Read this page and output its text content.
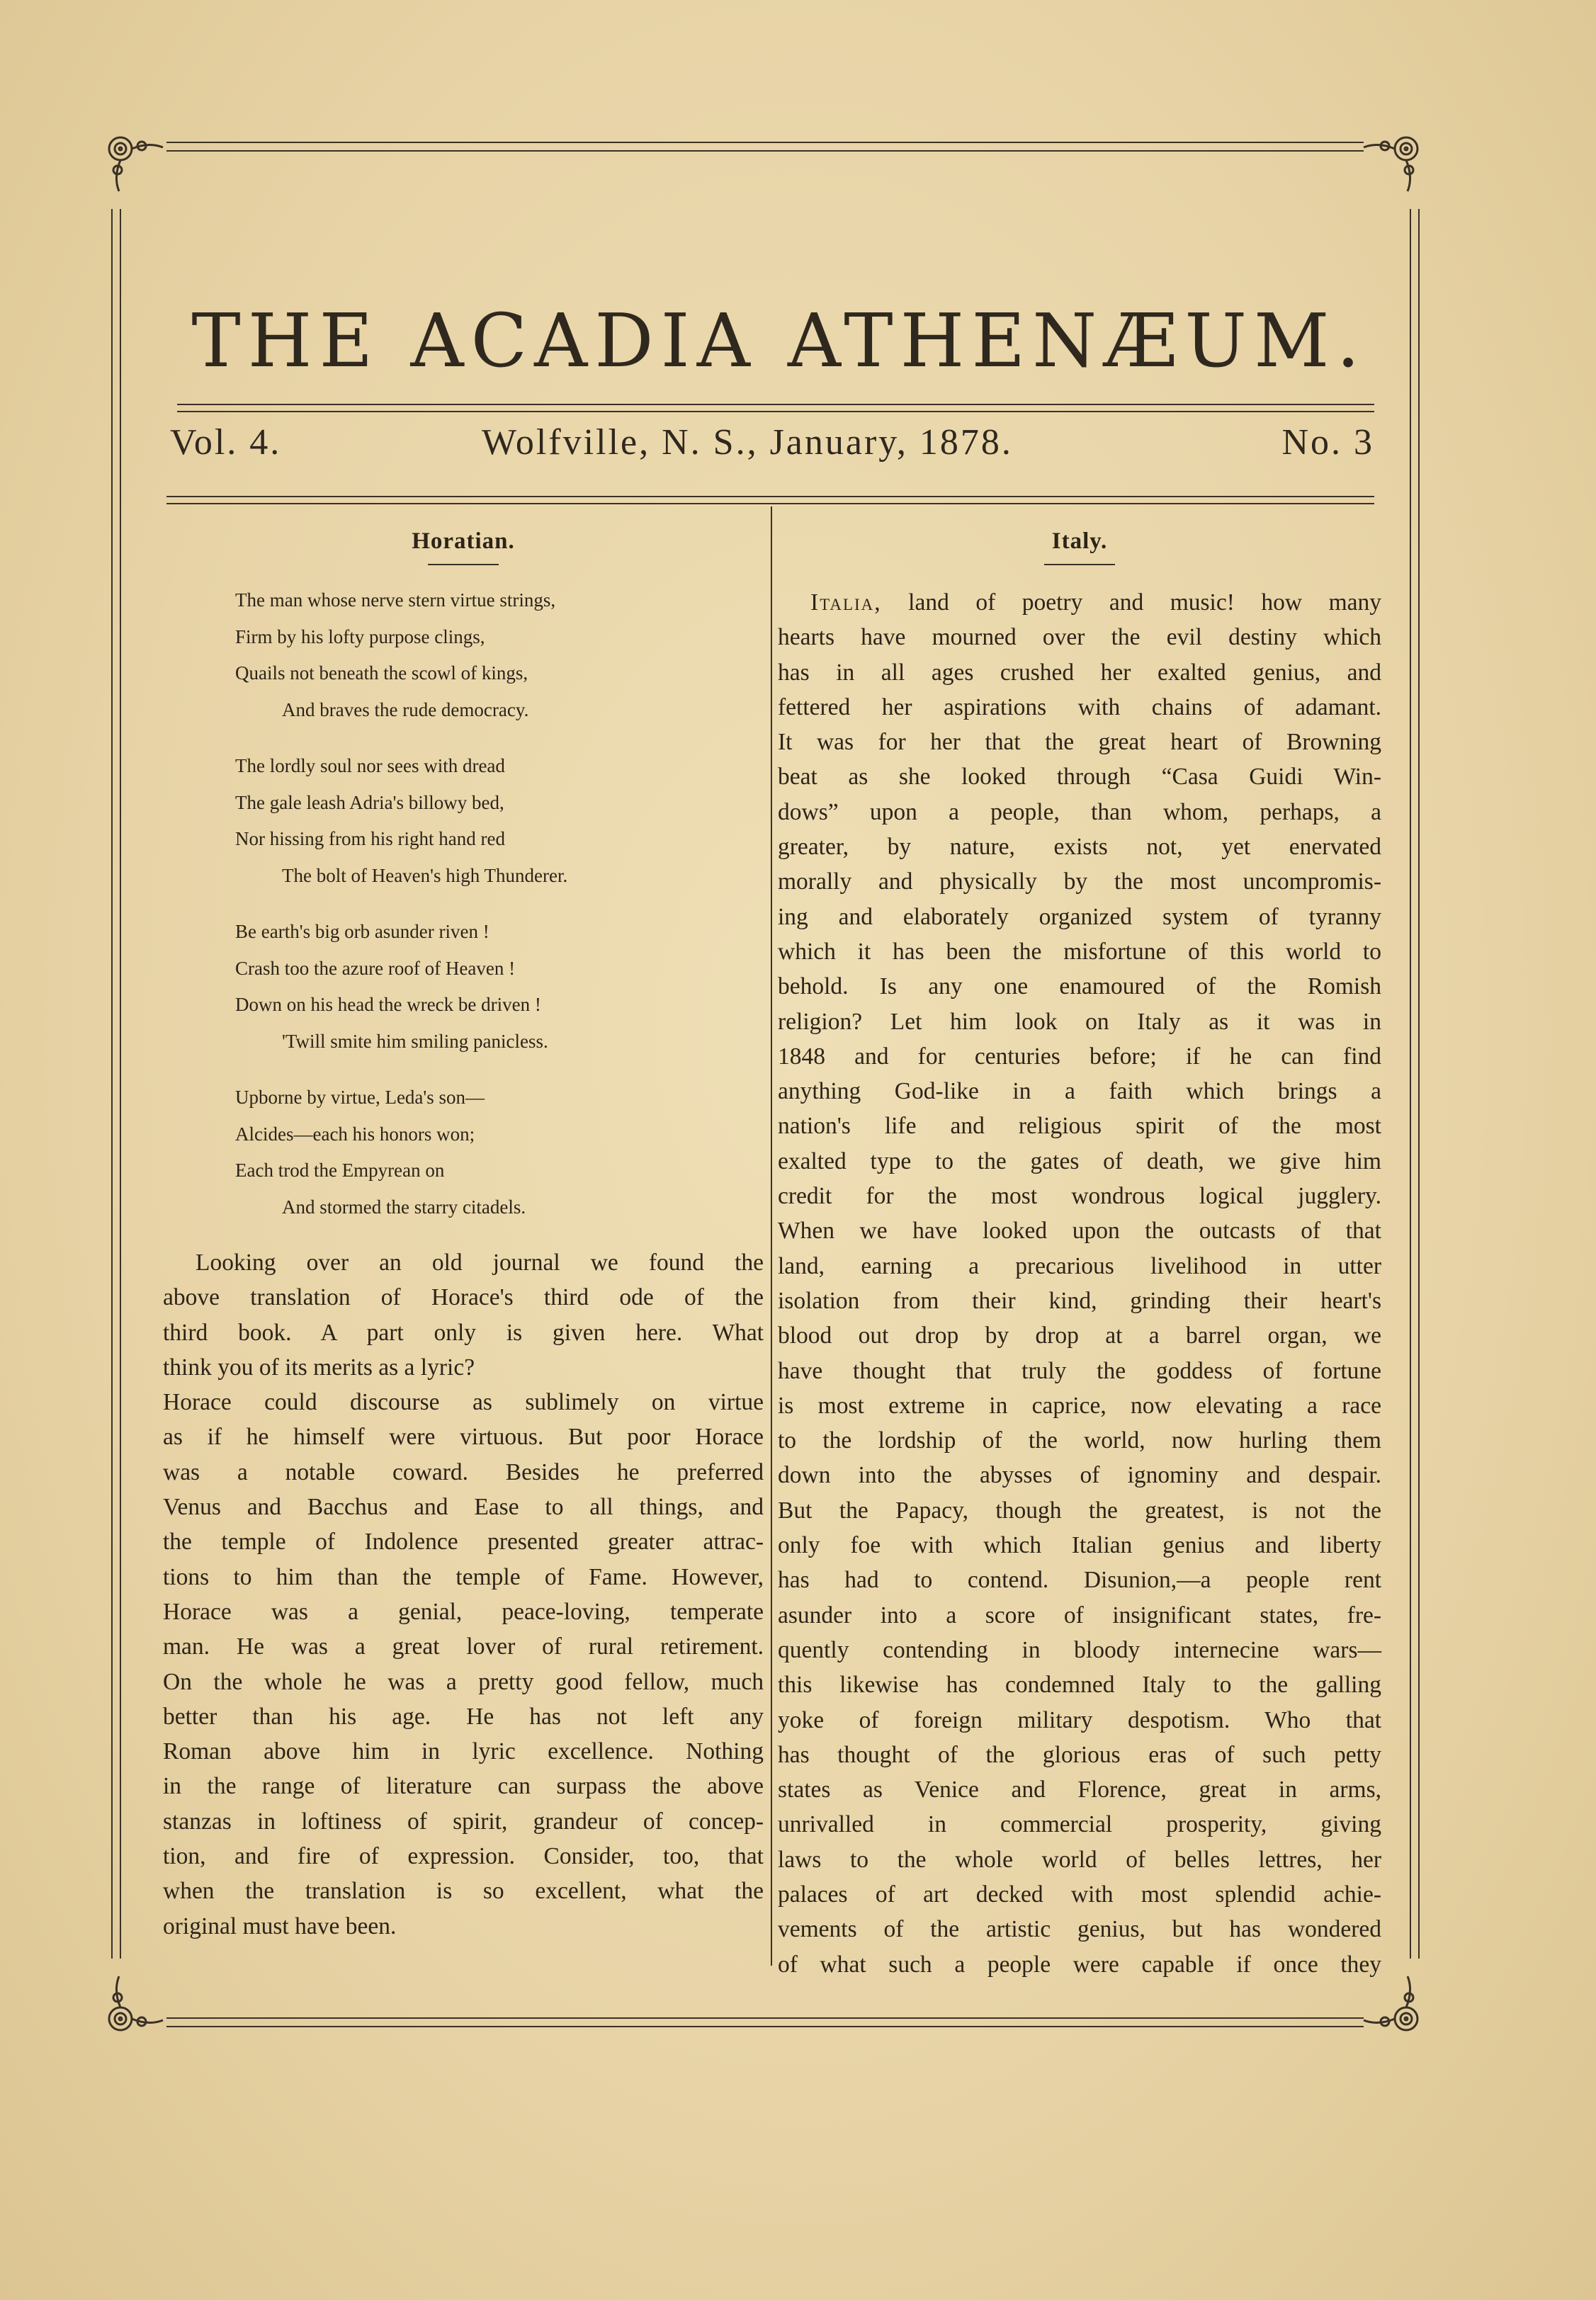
THE ACADIA ATHENÆUM.
Vol. 4.	Wolfville, N. S., January, 1878.	No. 3
Horatian.
The man whose nerve stern virtue strings,
Firm by his lofty purpose clings,
Quails not beneath the scowl of kings,
And braves the rude democracy.
The lordly soul nor sees with dread
The gale leash Adria's billowy bed,
Nor hissing from his right hand red
The bolt of Heaven's high Thunderer.
Be earth's big orb asunder riven !
Crash too the azure roof of Heaven !
Down on his head the wreck be driven !
'Twill smite him smiling panicless.
Upborne by virtue, Leda's son—
Alcides—each his honors won;
Each trod the Empyrean on
And stormed the starry citadels.
Looking over an old journal we found the
above translation of Horace's third ode of the
third book. A part only is given here. What
think you of its merits as a lyric?
Horace could discourse as sublimely on virtue
as if he himself were virtuous. But poor Horace
was a notable coward. Besides he preferred
Venus and Bacchus and Ease to all things, and
the temple of Indolence presented greater attrac-
tions to him than the temple of Fame. However,
Horace was a genial, peace-loving, temperate
man. He was a great lover of rural retirement.
On the whole he was a pretty good fellow, much
better than his age. He has not left any
Roman above him in lyric excellence. Nothing
in the range of literature can surpass the above
stanzas in loftiness of spirit, grandeur of concep-
tion, and fire of expression. Consider, too, that
when the translation is so excellent, what the
original must have been.
Italy.
Italia, land of poetry and music! how many
hearts have mourned over the evil destiny which
has in all ages crushed her exalted genius, and
fettered her aspirations with chains of adamant.
It was for her that the great heart of Browning
beat as she looked through “Casa Guidi Win-
dows” upon a people, than whom, perhaps, a
greater, by nature, exists not, yet enervated
morally and physically by the most uncompromis-
ing and elaborately organized system of tyranny
which it has been the misfortune of this world to
behold. Is any one enamoured of the Romish
religion? Let him look on Italy as it was in
1848 and for centuries before; if he can find
anything God-like in a faith which brings a
nation's life and religious spirit of the most
exalted type to the gates of death, we give him
credit for the most wondrous logical jugglery.
When we have looked upon the outcasts of that
land, earning a precarious livelihood in utter
isolation from their kind, grinding their heart's
blood out drop by drop at a barrel organ, we
have thought that truly the goddess of fortune
is most extreme in caprice, now elevating a race
to the lordship of the world, now hurling them
down into the abysses of ignominy and despair.
But the Papacy, though the greatest, is not the
only foe with which Italian genius and liberty
has had to contend. Disunion,—a people rent
asunder into a score of insignificant states, fre-
quently contending in bloody internecine wars—
this likewise has condemned Italy to the galling
yoke of foreign military despotism. Who that
has thought of the glorious eras of such petty
states as Venice and Florence, great in arms,
unrivalled in commercial prosperity, giving
laws to the whole world of belles lettres, her
palaces of art decked with most splendid achie-
vements of the artistic genius, but has wondered
of what such a people were capable if once they
